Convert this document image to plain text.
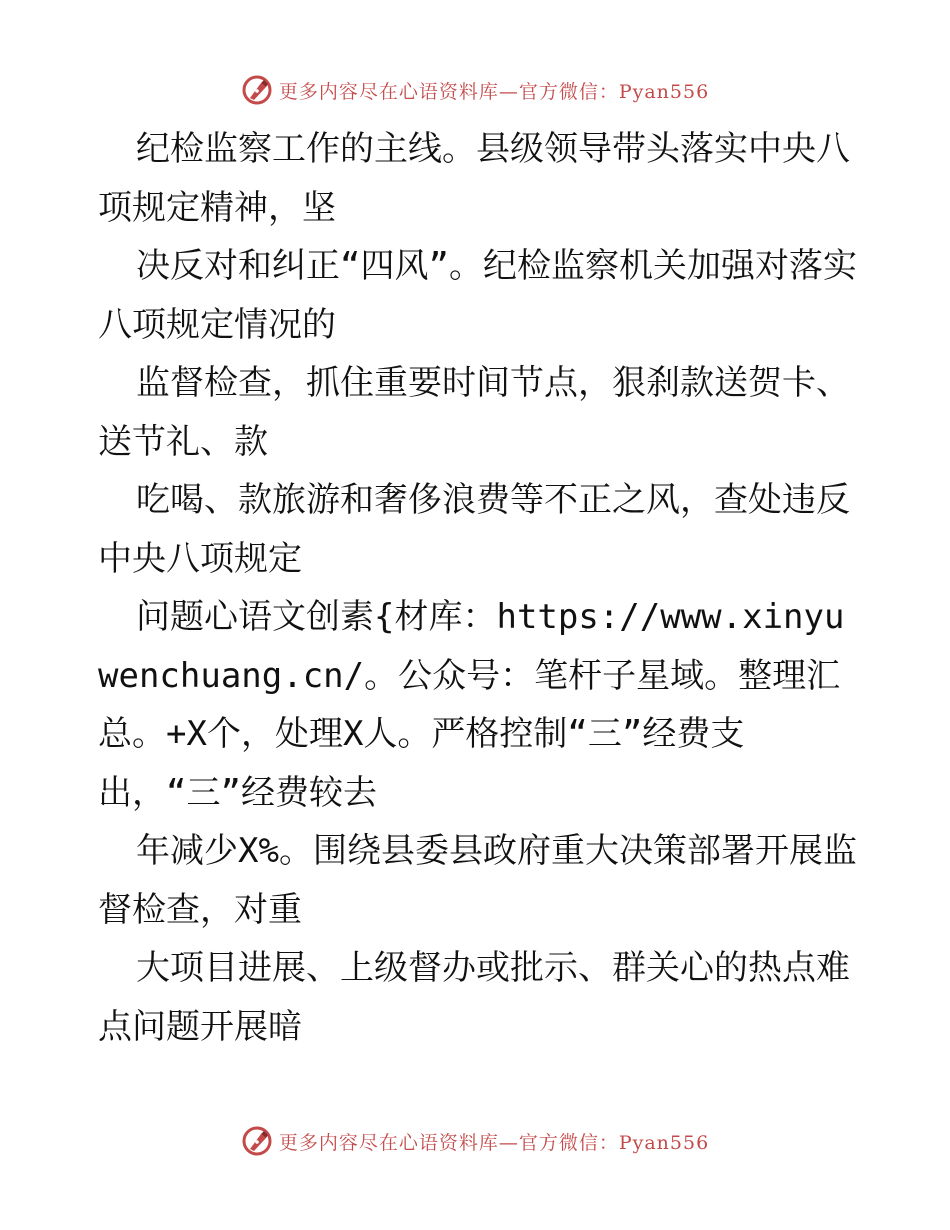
更多内容尽在心语资料库—官方微信：Pyan556

纪检监察工作的主线。县级领导带头落实中央八项规定精神，坚

决反对和纠正“四风”。纪检监察机关加强对落实八项规定情况的

监督检查，抓住重要时间节点，狠刹款送贺卡、送节礼、款

吃喝、款旅游和奢侈浪费等不正之风，查处违反中央八项规定

问题心语文创素{材库：https://www.xinyuwenchuang.cn/。公众号：笔杆子星域。整理汇总。+X个，处理X人。严格控制“三”经费支出，“三”经费较去

年减少X%。围绕县委县政府重大决策部署开展监督检查，对重

大项目进展、上级督办或批示、群关心的热点难点问题开展暗

更多内容尽在心语资料库—官方微信：Pyan556
